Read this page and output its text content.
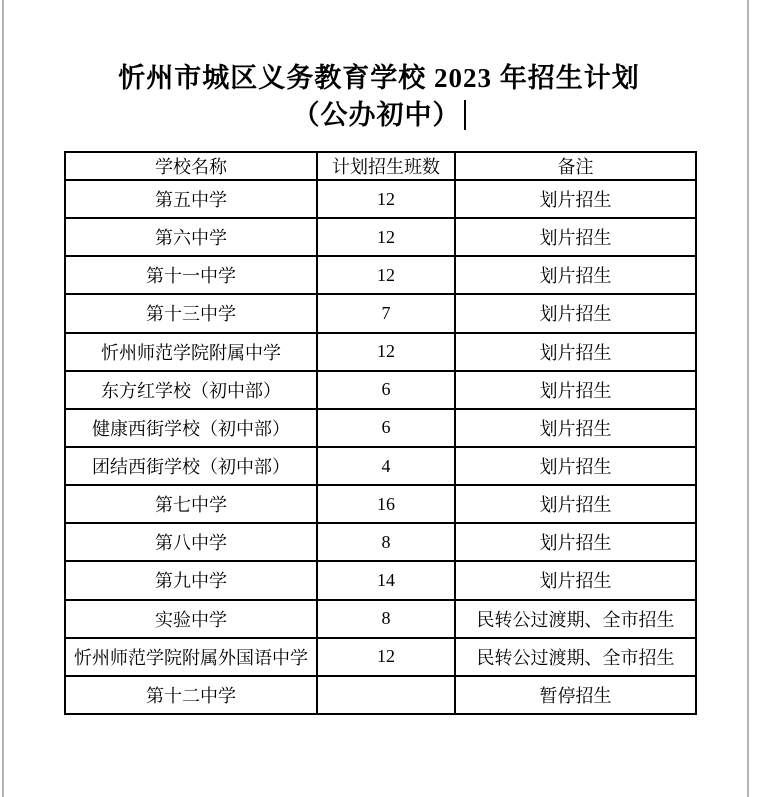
忻州市城区义务教育学校 2023 年招生计划
（公办初中）
学校名称	计划招生班数	备注
第五中学	12	划片招生
第六中学	12	划片招生
第十一中学	12	划片招生
第十三中学	7	划片招生
忻州师范学院附属中学	12	划片招生
东方红学校（初中部）	6	划片招生
健康西街学校（初中部）	6	划片招生
团结西街学校（初中部）	4	划片招生
第七中学	16	划片招生
第八中学	8	划片招生
第九中学	14	划片招生
实验中学	8	民转公过渡期、全市招生
忻州师范学院附属外国语中学	12	民转公过渡期、全市招生
第十二中学		暂停招生
